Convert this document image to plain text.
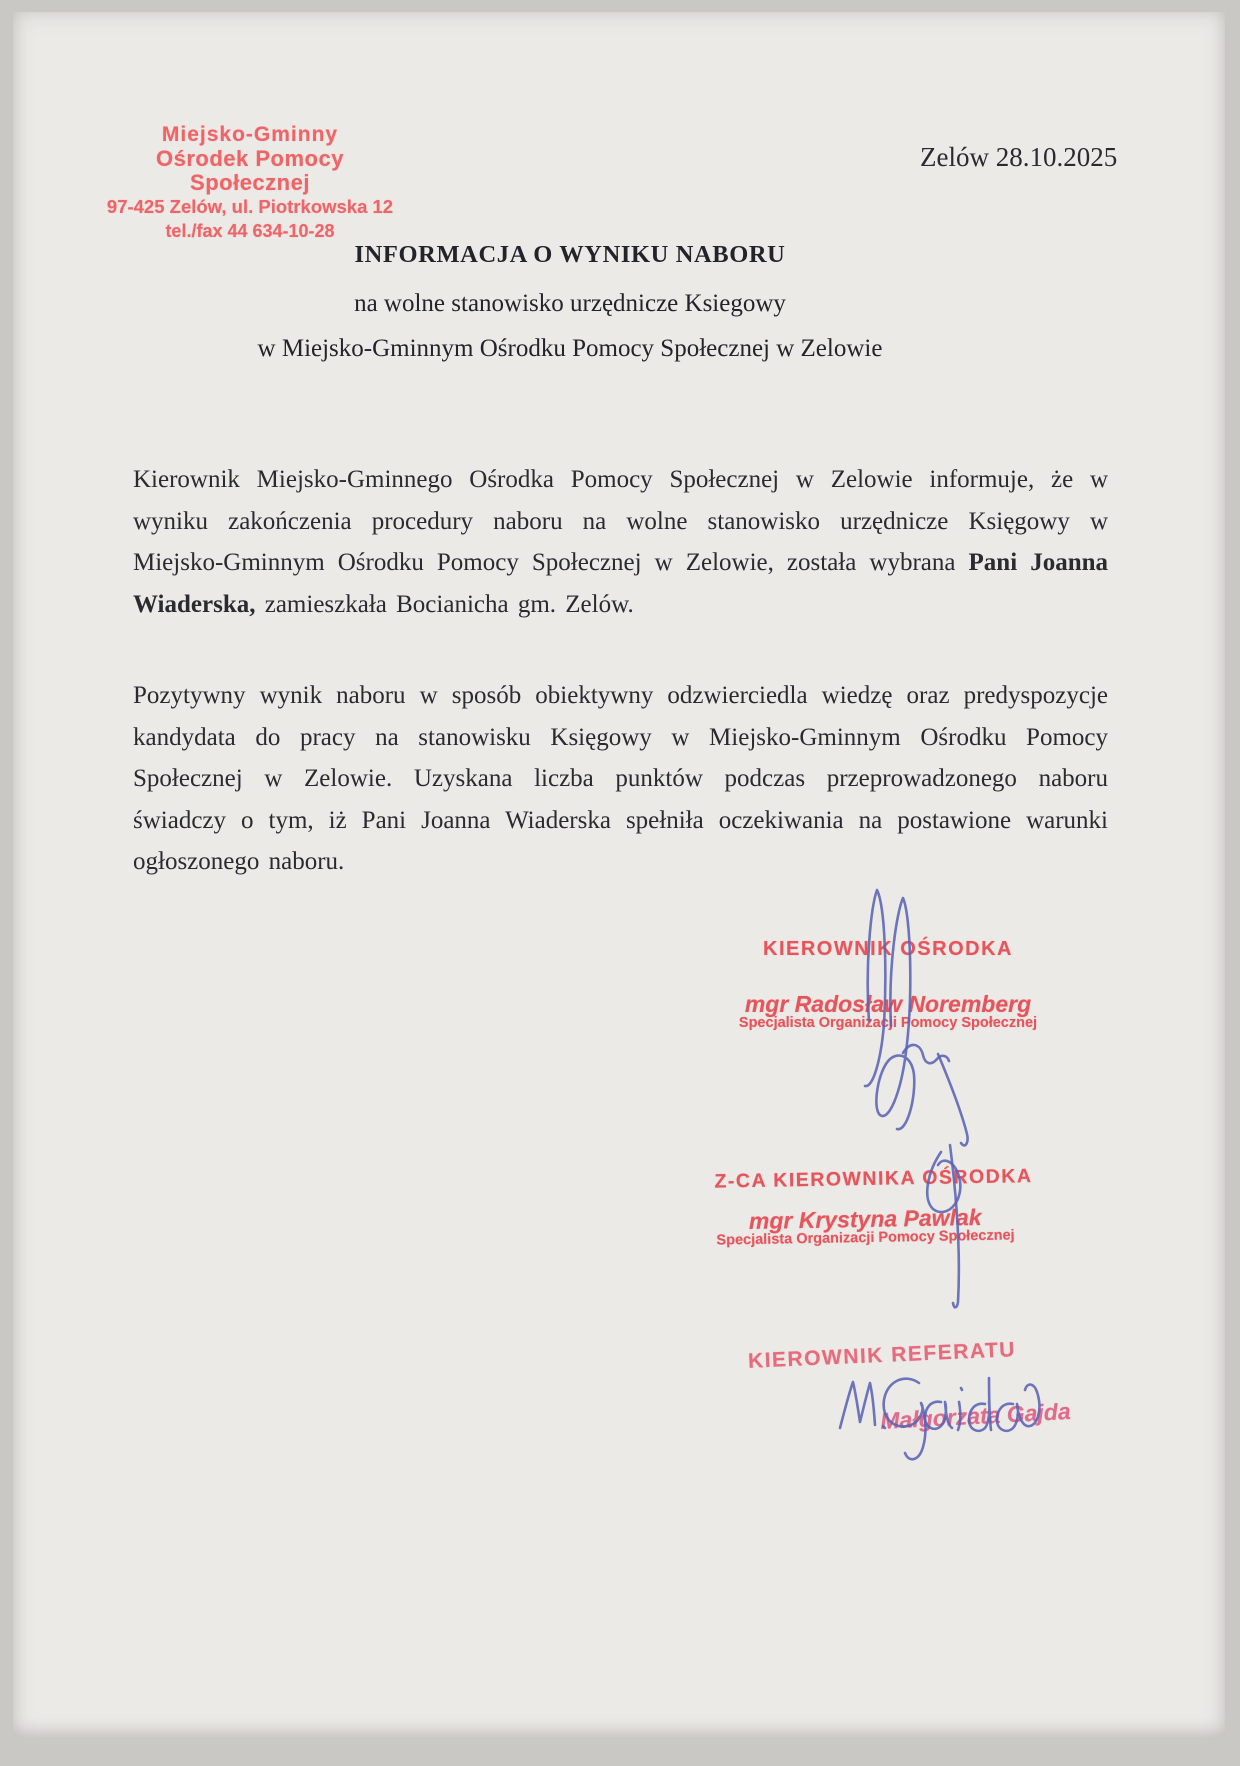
Miejsko-Gminny
Ośrodek Pomocy Społecznej
97-425 Zelów, ul. Piotrkowska 12
tel./fax 44 634-10-28
Zelów 28.10.2025
INFORMACJA O WYNIKU NABORU
na wolne stanowisko urzędnicze Ksiegowy
w Miejsko-Gminnym Ośrodku Pomocy Społecznej w Zelowie

Kierownik Miejsko-Gminnego Ośrodka Pomocy Społecznej w Zelowie informuje, że w wyniku zakończenia procedury naboru na wolne stanowisko urzędnicze Księgowy w Miejsko-Gminnym Ośrodku Pomocy Społecznej w Zelowie, została wybrana Pani Joanna Wiaderska, zamieszkała Bocianicha gm. Zelów.

Pozytywny wynik naboru w sposób obiektywny odzwierciedla wiedzę oraz predyspozycje kandydata do pracy na stanowisku Księgowy w Miejsko-Gminnym Ośrodku Pomocy Społecznej w Zelowie. Uzyskana liczba punktów podczas przeprowadzonego naboru świadczy o tym, iż Pani Joanna Wiaderska spełniła oczekiwania na postawione warunki ogłoszonego naboru.

KIEROWNIK OŚRODKA
mgr Radosław Noremberg
Specjalista Organizacji Pomocy Społecznej
Z-CA KIEROWNIKA OŚRODKA
mgr Krystyna Pawlak
Specjalista Organizacji Pomocy Społecznej
KIEROWNIK REFERATU
Małgorzata Gajda
